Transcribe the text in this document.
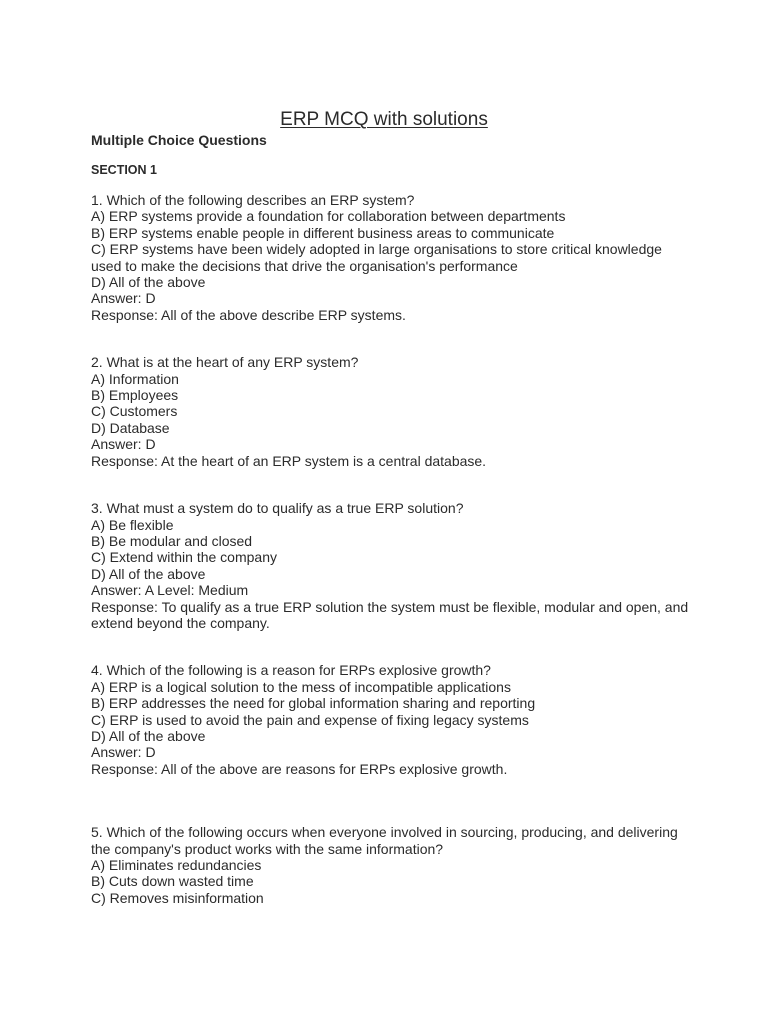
ERP MCQ with solutions
Multiple Choice Questions
SECTION 1
1. Which of the following describes an ERP system?
A) ERP systems provide a foundation for collaboration between departments
B) ERP systems enable people in different business areas to communicate
C) ERP systems have been widely adopted in large organisations to store critical knowledge used to make the decisions that drive the organisation's performance
D) All of the above
Answer: D
Response: All of the above describe ERP systems.
2. What is at the heart of any ERP system?
A) Information
B) Employees
C) Customers
D) Database
Answer: D
Response: At the heart of an ERP system is a central database.
3. What must a system do to qualify as a true ERP solution?
A) Be flexible
B) Be modular and closed
C) Extend within the company
D) All of the above
Answer: A Level: Medium
Response: To qualify as a true ERP solution the system must be flexible, modular and open, and extend beyond the company.
4. Which of the following is a reason for ERPs explosive growth?
A) ERP is a logical solution to the mess of incompatible applications
B) ERP addresses the need for global information sharing and reporting
C) ERP is used to avoid the pain and expense of fixing legacy systems
D) All of the above
Answer: D
Response: All of the above are reasons for ERPs explosive growth.
5. Which of the following occurs when everyone involved in sourcing, producing, and delivering the company's product works with the same information?
A) Eliminates redundancies
B) Cuts down wasted time
C) Removes misinformation
